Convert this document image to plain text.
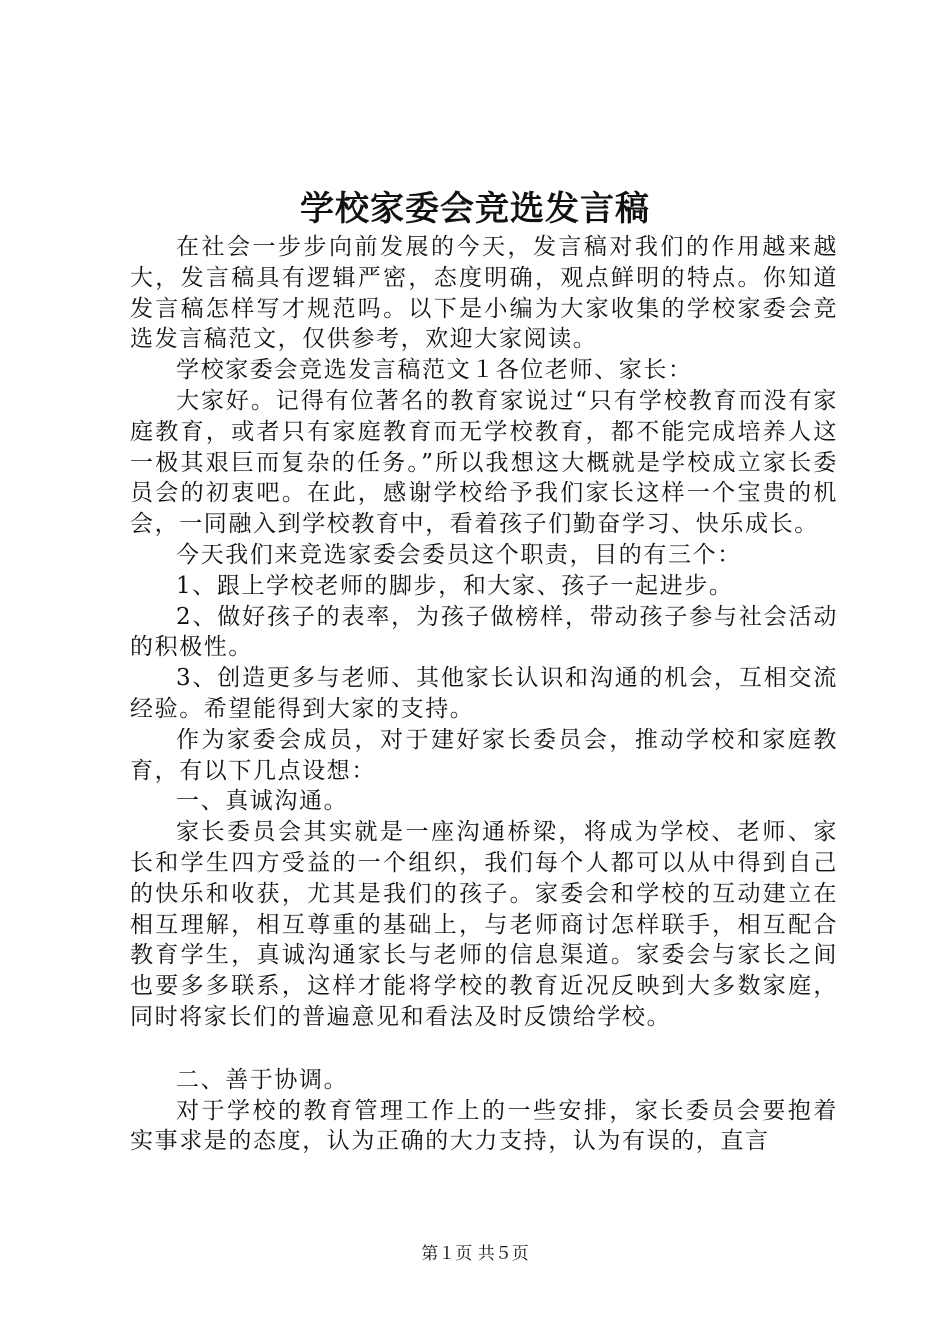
学校家委会竞选发言稿

在社会一步步向前发展的今天，发言稿对我们的作用越来越大，发言稿具有逻辑严密，态度明确，观点鲜明的特点。你知道发言稿怎样写才规范吗。以下是小编为大家收集的学校家委会竞选发言稿范文，仅供参考，欢迎大家阅读。

学校家委会竞选发言稿范文１各位老师、家长：

大家好。记得有位著名的教育家说过“只有学校教育而没有家庭教育，或者只有家庭教育而无学校教育，都不能完成培养人这一极其艰巨而复杂的任务。”所以我想这大概就是学校成立家长委员会的初衷吧。在此，感谢学校给予我们家长这样一个宝贵的机会，一同融入到学校教育中，看着孩子们勤奋学习、快乐成长。

今天我们来竞选家委会委员这个职责，目的有三个：

1、跟上学校老师的脚步，和大家、孩子一起进步。

2、做好孩子的表率，为孩子做榜样，带动孩子参与社会活动的积极性。

3、创造更多与老师、其他家长认识和沟通的机会，互相交流经验。希望能得到大家的支持。

作为家委会成员，对于建好家长委员会，推动学校和家庭教育，有以下几点设想：

一、真诚沟通。

家长委员会其实就是一座沟通桥梁，将成为学校、老师、家长和学生四方受益的一个组织，我们每个人都可以从中得到自己的快乐和收获，尤其是我们的孩子。家委会和学校的互动建立在相互理解，相互尊重的基础上，与老师商讨怎样联手，相互配合教育学生，真诚沟通家长与老师的信息渠道。家委会与家长之间也要多多联系，这样才能将学校的教育近况反映到大多数家庭，同时将家长们的普遍意见和看法及时反馈给学校。

二、善于协调。

对于学校的教育管理工作上的一些安排，家长委员会要抱着实事求是的态度，认为正确的大力支持，认为有误的，直言

第１页 共５页
